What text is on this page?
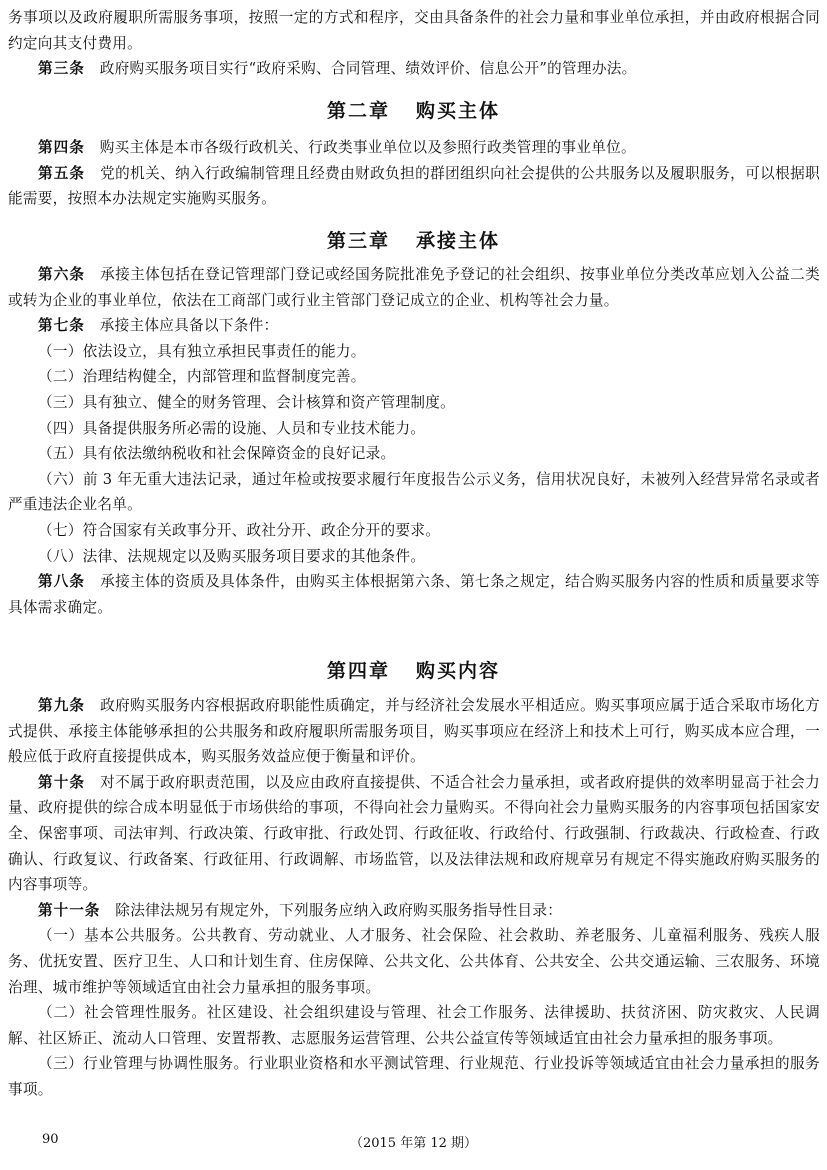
务事项以及政府履职所需服务事项，按照一定的方式和程序，交由具备条件的社会力量和事业单位承担，并由政府根据合同约定向其支付费用。

第三条　 政府购买服务项目实行“政府采购、合同管理、绩效评价、信息公开”的管理办法。

第二章 购买主体

第四条　 购买主体是本市各级行政机关、行政类事业单位以及参照行政类管理的事业单位。

第五条　 党的机关、纳入行政编制管理且经费由财政负担的群团组织向社会提供的公共服务以及履职服务，可以根据职能需要，按照本办法规定实施购买服务。

第三章 承接主体

第六条　 承接主体包括在登记管理部门登记或经国务院批准免予登记的社会组织、按事业单位分类改革应划入公益二类或转为企业的事业单位，依法在工商部门或行业主管部门登记成立的企业、机构等社会力量。

第七条　 承接主体应具备以下条件：

（一）依法设立，具有独立承担民事责任的能力。

（二）治理结构健全，内部管理和监督制度完善。

（三）具有独立、健全的财务管理、会计核算和资产管理制度。

（四）具备提供服务所必需的设施、人员和专业技术能力。

（五）具有依法缴纳税收和社会保障资金的良好记录。

（六）前 3 年无重大违法记录，通过年检或按要求履行年度报告公示义务，信用状况良好，未被列入经营异常名录或者严重违法企业名单。

（七）符合国家有关政事分开、政社分开、政企分开的要求。

（八）法律、法规规定以及购买服务项目要求的其他条件。

第八条　 承接主体的资质及具体条件，由购买主体根据第六条、第七条之规定，结合购买服务内容的性质和质量要求等具体需求确定。

第四章 购买内容

第九条　 政府购买服务内容根据政府职能性质确定，并与经济社会发展水平相适应。购买事项应属于适合采取市场化方式提供、承接主体能够承担的公共服务和政府履职所需服务项目，购买事项应在经济上和技术上可行，购买成本应合理，一般应低于政府直接提供成本，购买服务效益应便于衡量和评价。

第十条　 对不属于政府职责范围，以及应由政府直接提供、不适合社会力量承担，或者政府提供的效率明显高于社会力量、政府提供的综合成本明显低于市场供给的事项，不得向社会力量购买。不得向社会力量购买服务的内容事项包括国家安全、保密事项、司法审判、行政决策、行政审批、行政处罚、行政征收、行政给付、行政强制、行政裁决、行政检查、行政确认、行政复议、行政备案、行政征用、行政调解、市场监管，以及法律法规和政府规章另有规定不得实施政府购买服务的内容事项等。

第十一条　 除法律法规另有规定外，下列服务应纳入政府购买服务指导性目录：

（一）基本公共服务。公共教育、劳动就业、人才服务、社会保险、社会救助、养老服务、儿童福利服务、残疾人服务、优抚安置、医疗卫生、人口和计划生育、住房保障、公共文化、公共体育、公共安全、公共交通运输、三农服务、环境治理、城市维护等领域适宜由社会力量承担的服务事项。

（二）社会管理性服务。社区建设、社会组织建设与管理、社会工作服务、法律援助、扶贫济困、防灾救灾、人民调解、社区矫正、流动人口管理、安置帮教、志愿服务运营管理、公共公益宣传等领域适宜由社会力量承担的服务事项。

（三）行业管理与协调性服务。行业职业资格和水平测试管理、行业规范、行业投诉等领域适宜由社会力量承担的服务事项。

90	（2015 年第 12 期）
